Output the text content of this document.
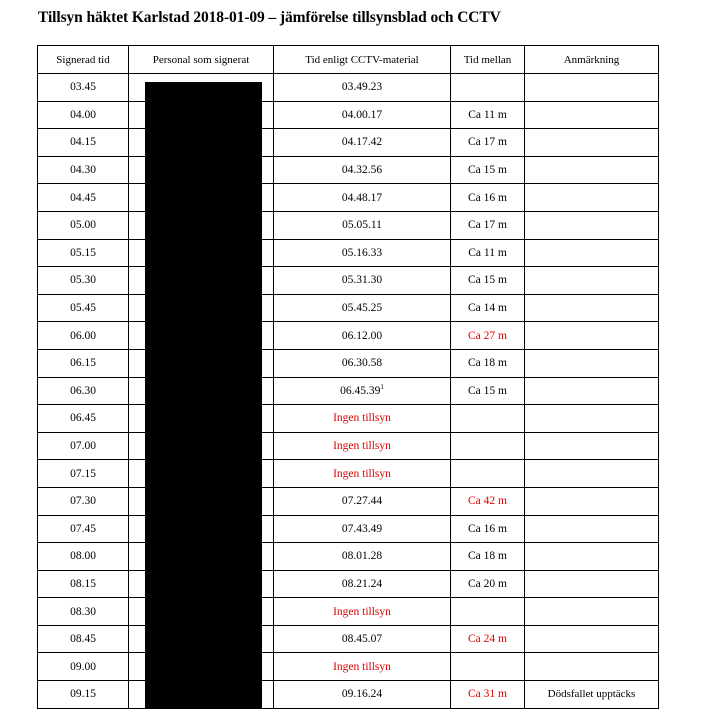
Tillsyn häktet Karlstad 2018-01-09 – jämförelse tillsynsblad och CCTV
Signerad tid	Personal som signerat	Tid enligt CCTV-material	Tid mellan	Anmärkning
03.45		03.49.23		
04.00		04.00.17	Ca 11 m	
04.15		04.17.42	Ca 17 m	
04.30		04.32.56	Ca 15 m	
04.45		04.48.17	Ca 16 m	
05.00		05.05.11	Ca 17 m	
05.15		05.16.33	Ca 11 m	
05.30		05.31.30	Ca 15 m	
05.45		05.45.25	Ca 14 m	
06.00		06.12.00	Ca 27 m	
06.15		06.30.58	Ca 18 m	
06.30		06.45.39$^1$	Ca 15 m	
06.45		Ingen tillsyn		
07.00		Ingen tillsyn		
07.15		Ingen tillsyn		
07.30		07.27.44	Ca 42 m	
07.45		07.43.49	Ca 16 m	
08.00		08.01.28	Ca 18 m	
08.15		08.21.24	Ca 20 m	
08.30		Ingen tillsyn		
08.45		08.45.07	Ca 24 m	
09.00		Ingen tillsyn		
09.15		09.16.24	Ca 31 m	Dödsfallet upptäcks
